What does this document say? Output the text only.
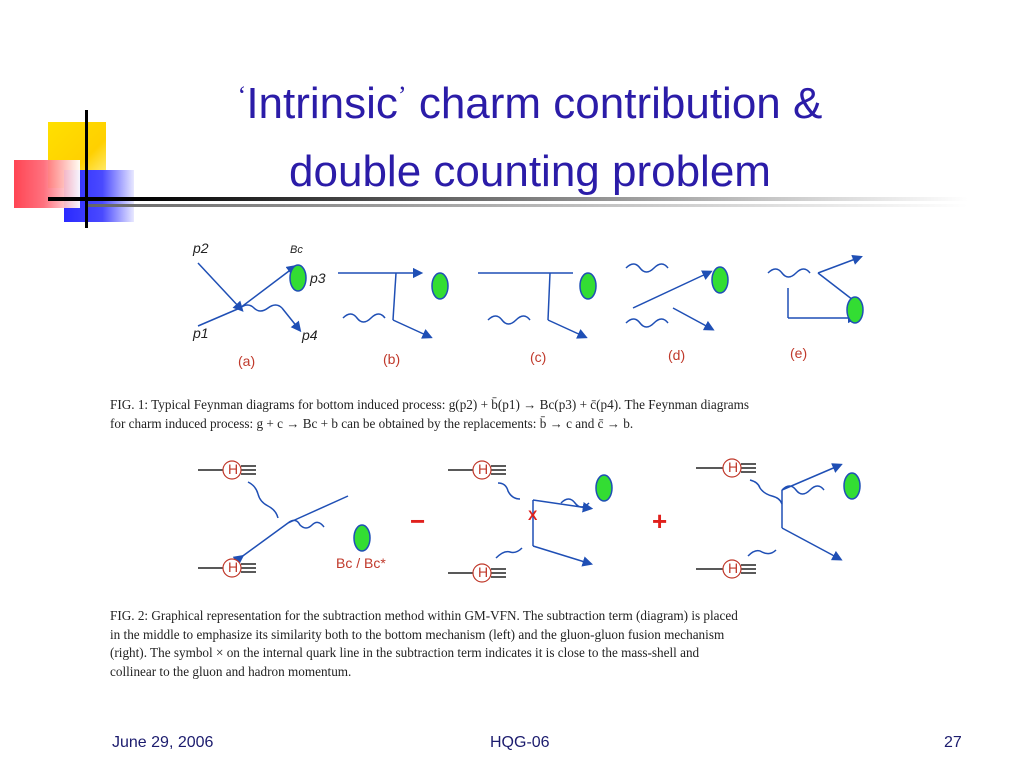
‘Intrinsic’ charm contribution &
double counting problem
p2	Bc
p3
p1	p4
(a)	(b)	(c)	(d)	(e)
H
H
H
H
H
H
Bc / Bc*
−	+
X
FIG. 1: Typical Feynman diagrams for bottom induced process: g(p2) + b̄(p1) → Bc(p3) + c̄(p4). The Feynman diagrams
for charm induced process: g + c → Bc + b can be obtained by the replacements: b̄ → c and c̄ → b.
FIG. 2: Graphical representation for the subtraction method within GM-VFN. The subtraction term (diagram) is placed
in the middle to emphasize its similarity both to the bottom mechanism (left) and the gluon-gluon fusion mechanism
(right). The symbol × on the internal quark line in the subtraction term indicates it is close to the mass-shell and
collinear to the gluon and hadron momentum.
June 29, 2006	HQG-06	27
